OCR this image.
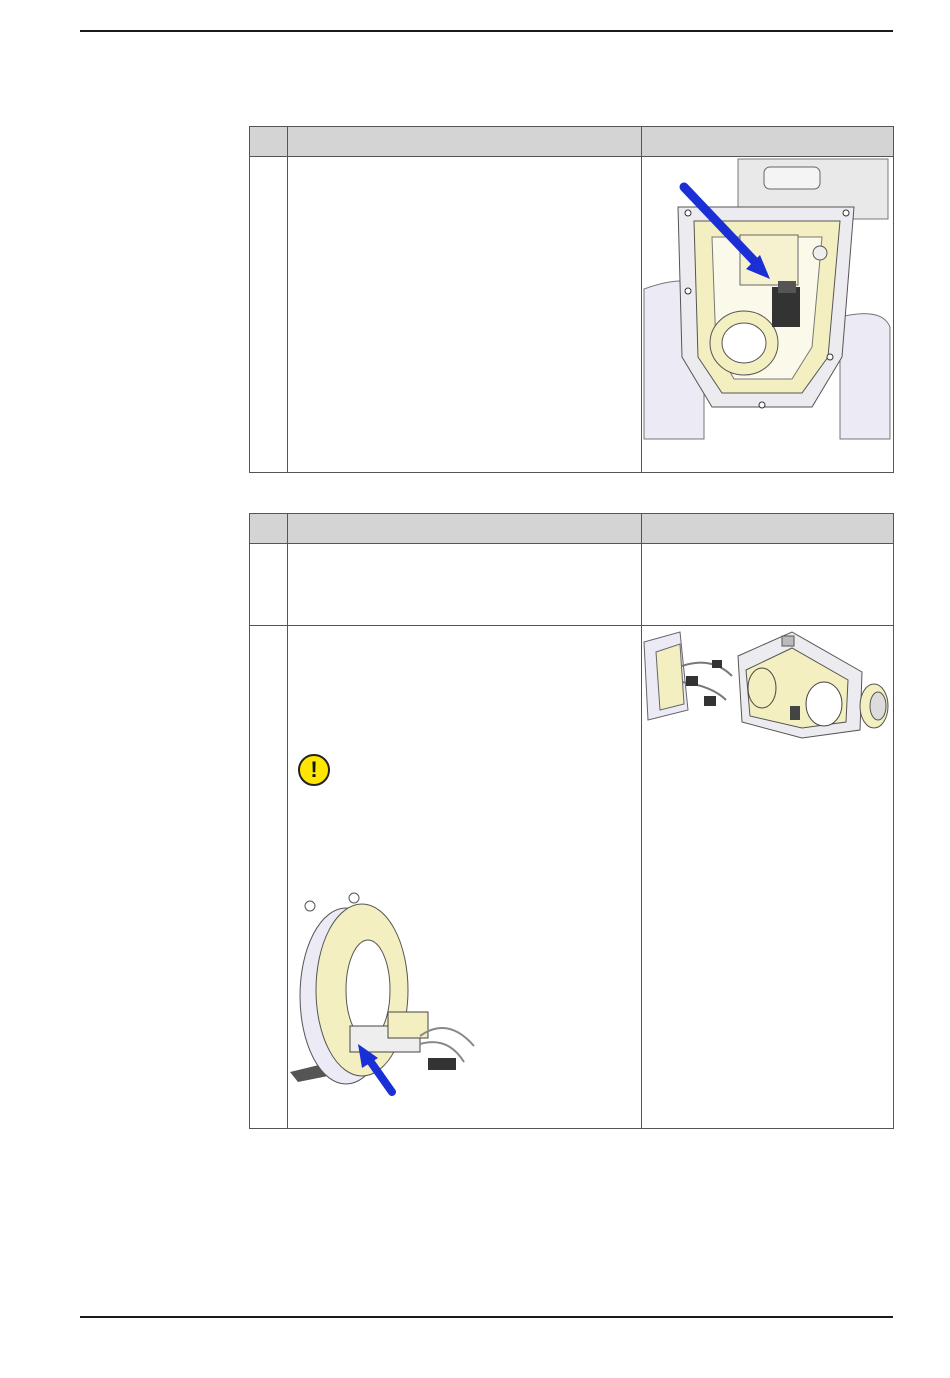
	!
